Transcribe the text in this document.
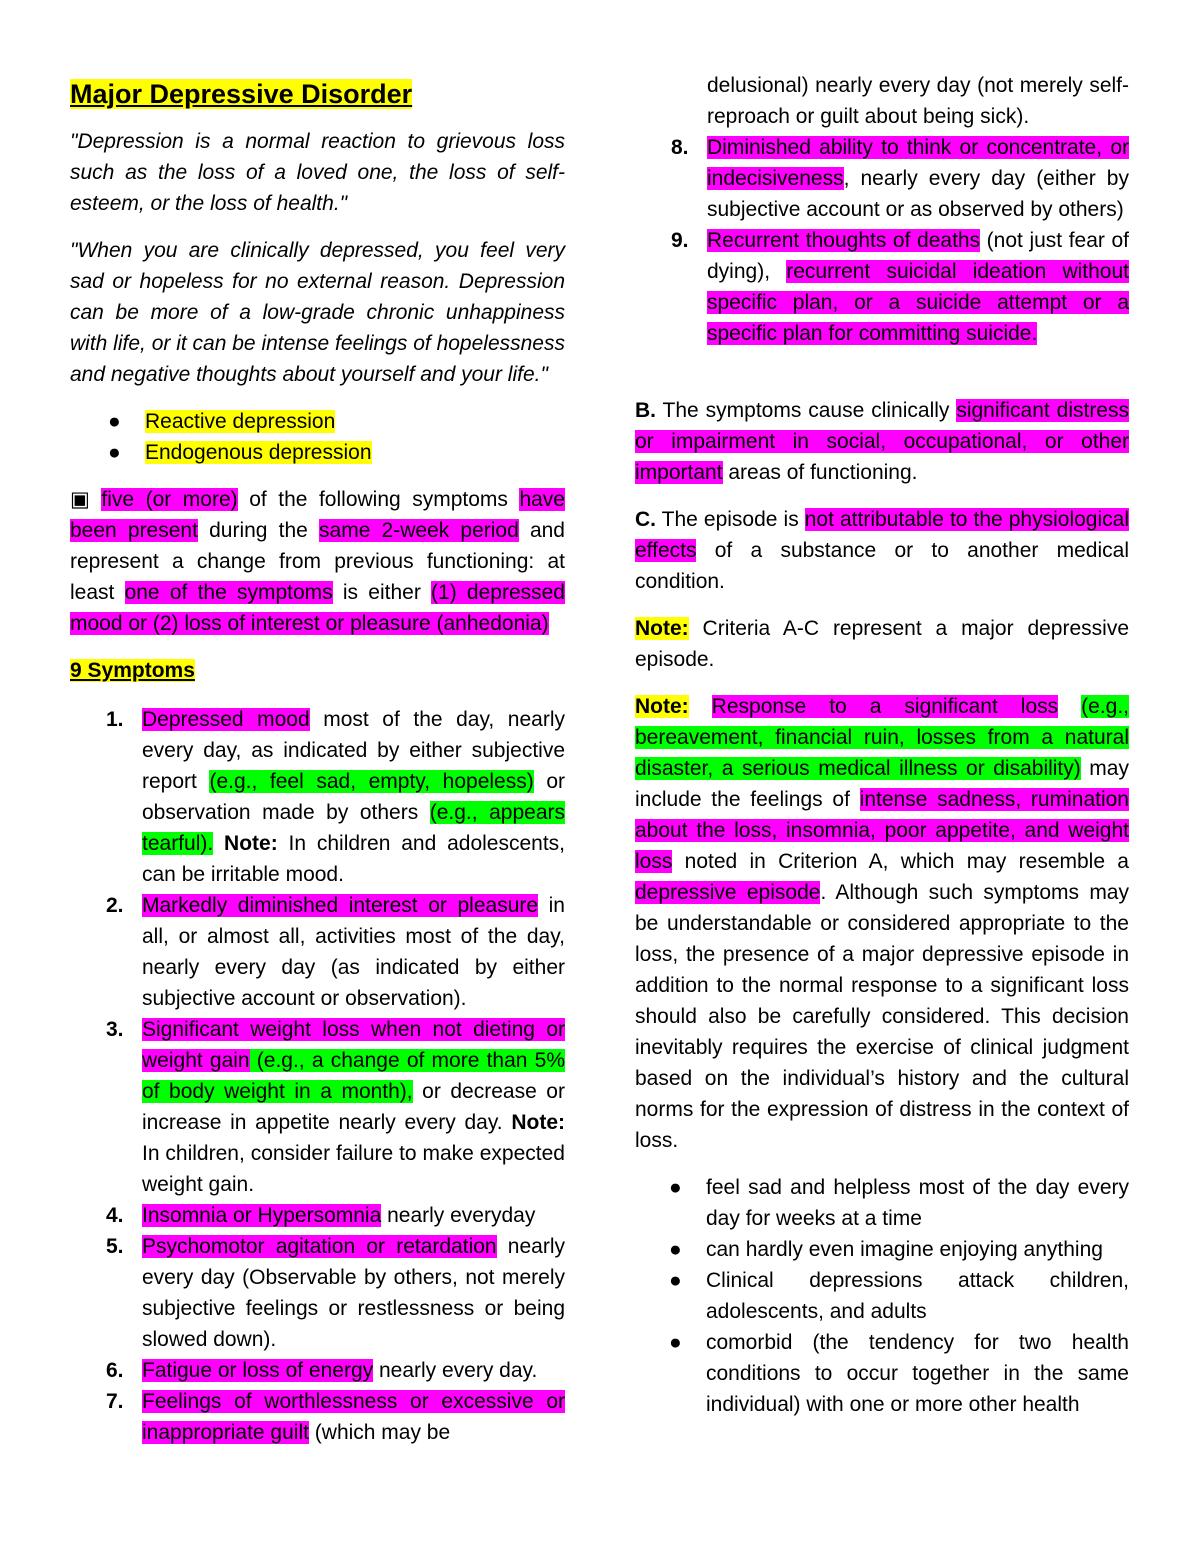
Major Depressive Disorder

"Depression is a normal reaction to grievous loss such as the loss of a loved one, the loss of self-esteem, or the loss of health."

"When you are clinically depressed, you feel very sad or hopeless for no external reason. Depression can be more of a low-grade chronic unhappiness with life, or it can be intense feelings of hopelessness and negative thoughts about yourself and your life."

● Reactive depression
● Endogenous depression

▣ five (or more) of the following symptoms have been present during the same 2-week period and represent a change from previous functioning: at least one of the symptoms is either (1) depressed mood or (2) loss of interest or pleasure (anhedonia)

9 Symptoms

1. Depressed mood most of the day, nearly every day, as indicated by either subjective report (e.g., feel sad, empty, hopeless) or observation made by others (e.g., appears tearful). Note: In children and adolescents, can be irritable mood.
2. Markedly diminished interest or pleasure in all, or almost all, activities most of the day, nearly every day (as indicated by either subjective account or observation).
3. Significant weight loss when not dieting or weight gain (e.g., a change of more than 5% of body weight in a month), or decrease or increase in appetite nearly every day. Note: In children, consider failure to make expected weight gain.
4. Insomnia or Hypersomnia nearly everyday
5. Psychomotor agitation or retardation nearly every day (Observable by others, not merely subjective feelings or restlessness or being slowed down).
6. Fatigue or loss of energy nearly every day.
7. Feelings of worthlessness or excessive or inappropriate guilt (which may be

delusional) nearly every day (not merely self-reproach or guilt about being sick).

8. Diminished ability to think or concentrate, or indecisiveness, nearly every day (either by subjective account or as observed by others)
9. Recurrent thoughts of deaths (not just fear of dying), recurrent suicidal ideation without specific plan, or a suicide attempt or a specific plan for committing suicide.

B. The symptoms cause clinically significant distress or impairment in social, occupational, or other important areas of functioning.

C. The episode is not attributable to the physiological effects of a substance or to another medical condition.

Note: Criteria A-C represent a major depressive episode.

Note: Response to a significant loss (e.g., bereavement, financial ruin, losses from a natural disaster, a serious medical illness or disability) may include the feelings of intense sadness, rumination about the loss, insomnia, poor appetite, and weight loss noted in Criterion A, which may resemble a depressive episode. Although such symptoms may be understandable or considered appropriate to the loss, the presence of a major depressive episode in addition to the normal response to a significant loss should also be carefully considered. This decision inevitably requires the exercise of clinical judgment based on the individual’s history and the cultural norms for the expression of distress in the context of loss.

● feel sad and helpless most of the day every day for weeks at a time
● can hardly even imagine enjoying anything
● Clinical depressions attack children, adolescents, and adults
● comorbid (the tendency for two health conditions to occur together in the same individual) with one or more other health
